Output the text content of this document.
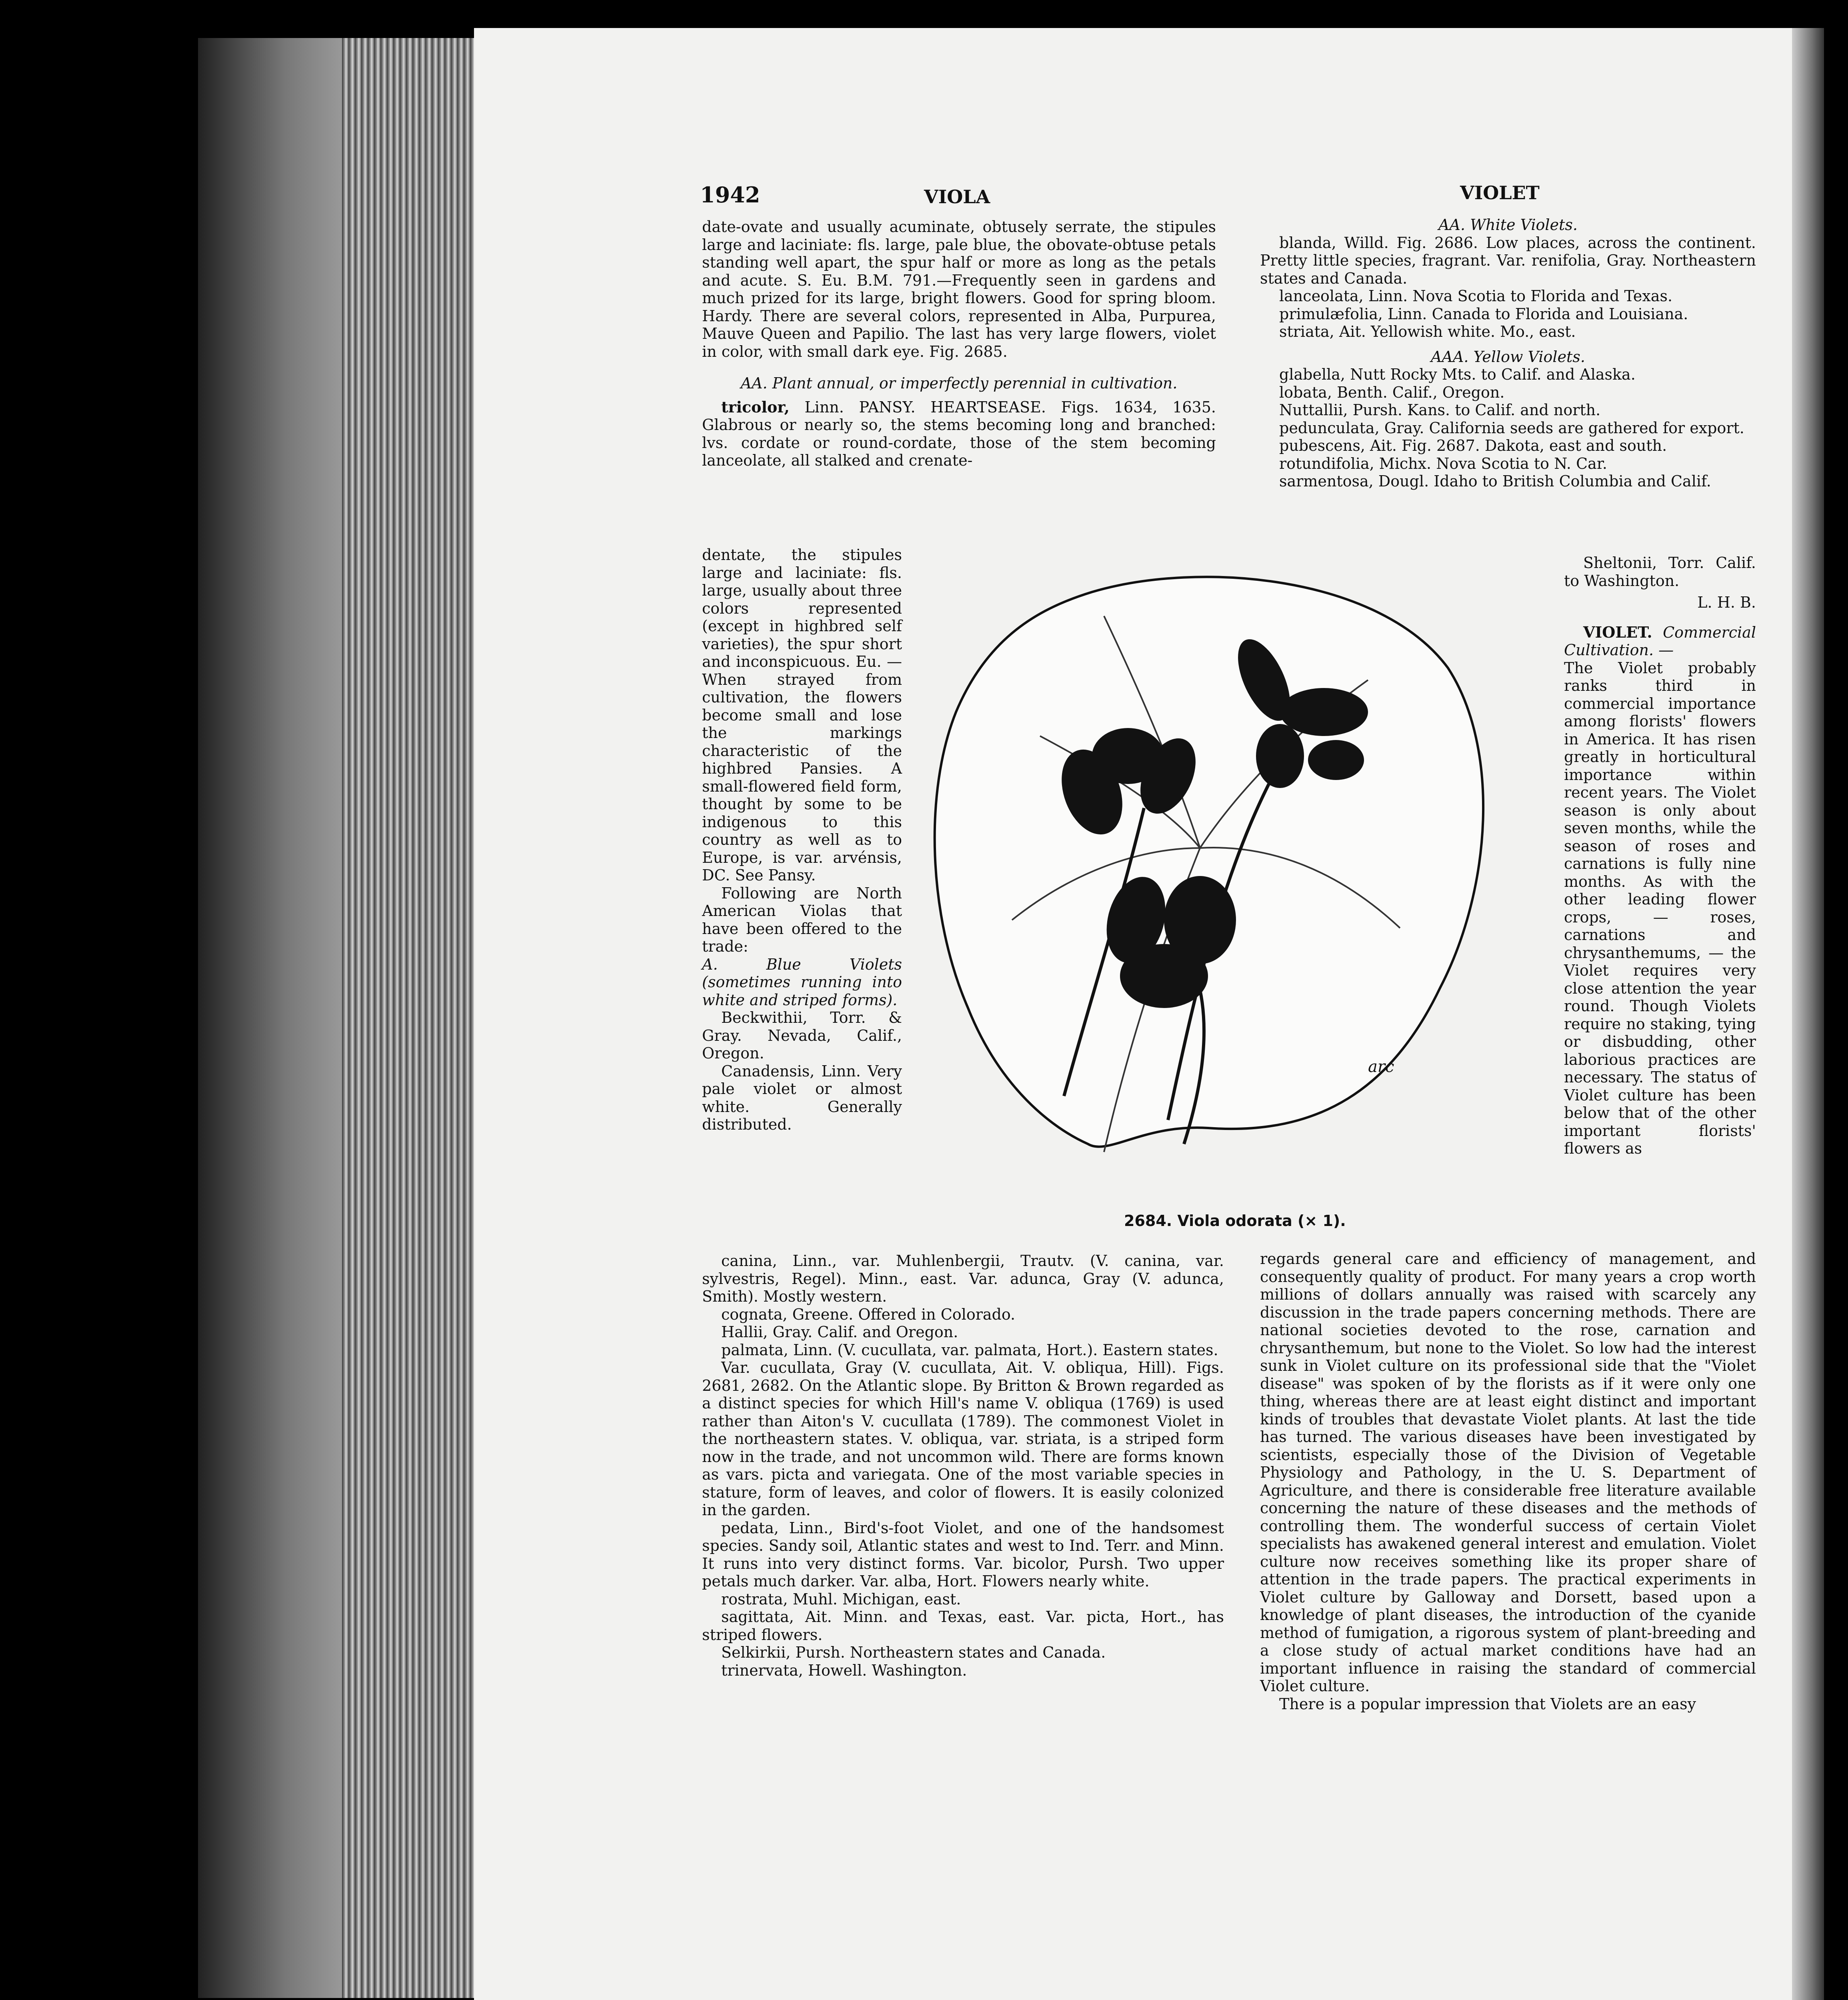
1942	VIOLA	VIOLET

date-ovate and usually acuminate, obtusely serrate, the stipules large and laciniate: fls. large, pale blue, the obovate-obtuse petals standing well apart, the spur half or more as long as the petals and acute. S. Eu. B.M. 791.—Frequently seen in gardens and much prized for its large, bright flowers. Good for spring bloom. Hardy. There are several colors, represented in Alba, Purpurea, Mauve Queen and Papilio. The last has very large flowers, violet in color, with small dark eye. Fig. 2685.

AA. Plant annual, or imperfectly perennial in cultivation.

tricolor, Linn. PANSY. HEARTSEASE. Figs. 1634, 1635. Glabrous or nearly so, the stems becoming long and branched: lvs. cordate or round-cordate, those of the stem becoming lanceolate, all stalked and crenate-

dentate, the stipules large and laciniate: fls. large, usually about three colors represented (except in highbred self varieties), the spur short and inconspicuous. Eu. — When strayed from cultivation, the flowers become small and lose the markings characteristic of the highbred Pansies. A small-flowered field form, thought by some to be indigenous to this country as well as to Europe, is var. arvénsis, DC. See Pansy.

Following are North American Violas that have been offered to the trade:

A. Blue Violets (sometimes running into white and striped forms).

Beckwithii, Torr. & Gray. Nevada, Calif., Oregon.

Canadensis, Linn. Very pale violet or almost white. Generally distributed.

canina, Linn., var. Muhlenbergii, Trautv. (V. canina, var. sylvestris, Regel). Minn., east. Var. adunca, Gray (V. adunca, Smith). Mostly western.

cognata, Greene. Offered in Colorado.

Hallii, Gray. Calif. and Oregon.

palmata, Linn. (V. cucullata, var. palmata, Hort.). Eastern states.

Var. cucullata, Gray (V. cucullata, Ait. V. obliqua, Hill). Figs. 2681, 2682. On the Atlantic slope. By Britton & Brown regarded as a distinct species for which Hill's name V. obliqua (1769) is used rather than Aiton's V. cucullata (1789). The commonest Violet in the northeastern states. V. obliqua, var. striata, is a striped form now in the trade, and not uncommon wild. There are forms known as vars. picta and variegata. One of the most variable species in stature, form of leaves, and color of flowers. It is easily colonized in the garden.

pedata, Linn., Bird's-foot Violet, and one of the handsomest species. Sandy soil, Atlantic states and west to Ind. Terr. and Minn. It runs into very distinct forms. Var. bicolor, Pursh. Two upper petals much darker. Var. alba, Hort. Flowers nearly white.

rostrata, Muhl. Michigan, east.

sagittata, Ait. Minn. and Texas, east. Var. picta, Hort., has striped flowers.

Selkirkii, Pursh. Northeastern states and Canada.

trinervata, Howell. Washington.

arc
2684. Viola odorata (× 1).

AA. White Violets.

blanda, Willd. Fig. 2686. Low places, across the continent. Pretty little species, fragrant. Var. renifolia, Gray. Northeastern states and Canada.

lanceolata, Linn. Nova Scotia to Florida and Texas.

primulæfolia, Linn. Canada to Florida and Louisiana.

striata, Ait. Yellowish white. Mo., east.

AAA. Yellow Violets.

glabella, Nutt Rocky Mts. to Calif. and Alaska.

lobata, Benth. Calif., Oregon.

Nuttallii, Pursh. Kans. to Calif. and north.

pedunculata, Gray. California seeds are gathered for export.

pubescens, Ait. Fig. 2687. Dakota, east and south.

rotundifolia, Michx. Nova Scotia to N. Car.

sarmentosa, Dougl. Idaho to British Columbia and Calif.

Sheltonii, Torr. Calif. to Washington.

L. H. B.

VIOLET. Commercial Cultivation. —

The Violet probably ranks third in commercial importance among florists' flowers in America. It has risen greatly in horticultural importance within recent years. The Violet season is only about seven months, while the season of roses and carnations is fully nine months. As with the other leading flower crops, — roses, carnations and chrysanthemums, — the Violet requires very close attention the year round. Though Violets require no staking, tying or disbudding, other laborious practices are necessary. The status of Violet culture has been below that of the other important florists' flowers as

regards general care and efficiency of management, and consequently quality of product. For many years a crop worth millions of dollars annually was raised with scarcely any discussion in the trade papers concerning methods. There are national societies devoted to the rose, carnation and chrysanthemum, but none to the Violet. So low had the interest sunk in Violet culture on its professional side that the "Violet disease" was spoken of by the florists as if it were only one thing, whereas there are at least eight distinct and important kinds of troubles that devastate Violet plants. At last the tide has turned. The various diseases have been investigated by scientists, especially those of the Division of Vegetable Physiology and Pathology, in the U. S. Department of Agriculture, and there is considerable free literature available concerning the nature of these diseases and the methods of controlling them. The wonderful success of certain Violet specialists has awakened general interest and emulation. Violet culture now receives something like its proper share of attention in the trade papers. The practical experiments in Violet culture by Galloway and Dorsett, based upon a knowledge of plant diseases, the introduction of the cyanide method of fumigation, a rigorous system of plant-breeding and a close study of actual market conditions have had an important influence in raising the standard of commercial Violet culture.

There is a popular impression that Violets are an easy
